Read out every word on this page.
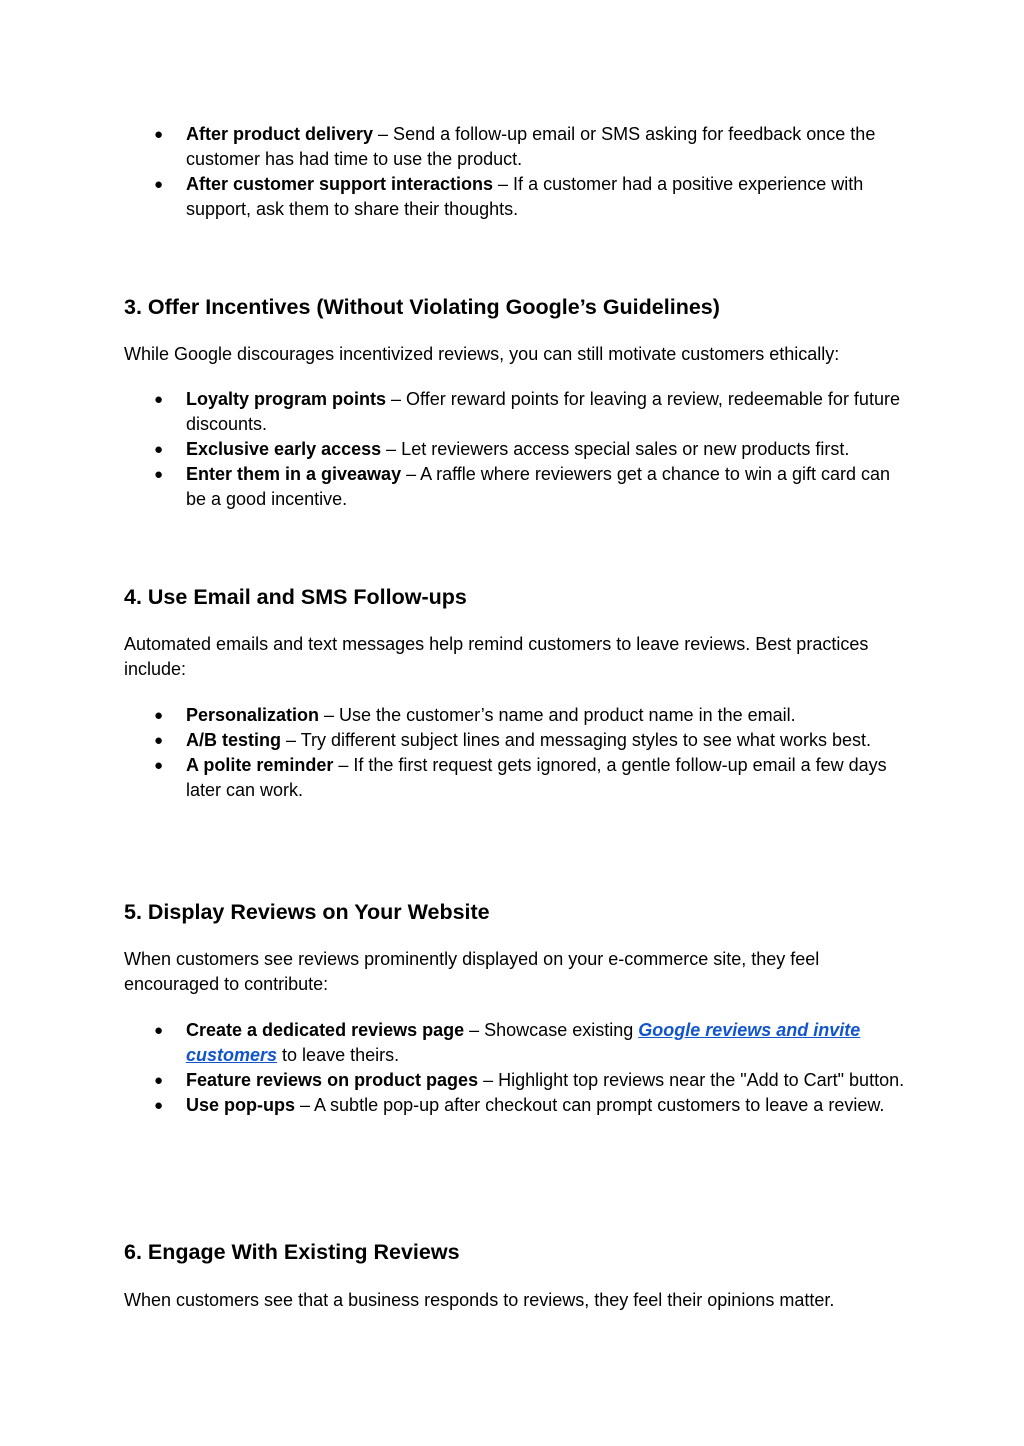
●	After product delivery – Send a follow-up email or SMS asking for feedback once the customer has had time to use the product.
●	After customer support interactions – If a customer had a positive experience with support, ask them to share their thoughts.
3. Offer Incentives (Without Violating Google’s Guidelines)

While Google discourages incentivized reviews, you can still motivate customers ethically:

●	Loyalty program points – Offer reward points for leaving a review, redeemable for future discounts.
●	Exclusive early access – Let reviewers access special sales or new products first.
●	Enter them in a giveaway – A raffle where reviewers get a chance to win a gift card can be a good incentive.
4. Use Email and SMS Follow-ups

Automated emails and text messages help remind customers to leave reviews. Best practices include:

●	Personalization – Use the customer’s name and product name in the email.
●	A/B testing – Try different subject lines and messaging styles to see what works best.
●	A polite reminder – If the first request gets ignored, a gentle follow-up email a few days later can work.
5. Display Reviews on Your Website

When customers see reviews prominently displayed on your e-commerce site, they feel encouraged to contribute:

●	Create a dedicated reviews page – Showcase existing Google reviews and invite customers to leave theirs.
●	Feature reviews on product pages – Highlight top reviews near the "Add to Cart" button.
●	Use pop-ups – A subtle pop-up after checkout can prompt customers to leave a review.
6. Engage With Existing Reviews

When customers see that a business responds to reviews, they feel their opinions matter.
